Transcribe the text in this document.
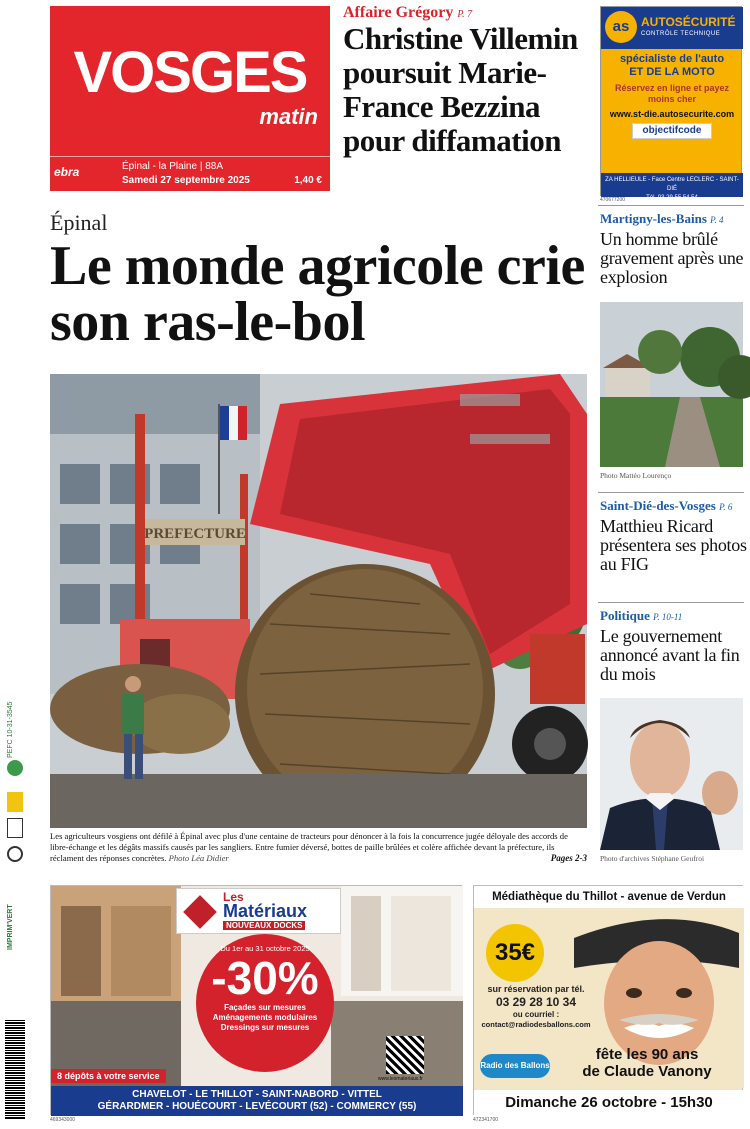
VOSGES
matin
ebra	Épinal - la Plaine | 88A
Samedi 27 septembre 2025	1,40 €
Affaire Grégory P. 7
Christine Villemin poursuit Marie-France Bezzina pour diffamation
as AUTOSÉCURITÉ
CONTRÔLE TECHNIQUE
spécialiste de l'auto
ET DE LA MOTO
Réservez en ligne et payez moins cher
www.st-die.autosecurite.com
objectifcode
ZA HELLIEULE - Face Centre LECLERC - SAINT-DIÉ
Tél. 03 29 55 54 54
470677200
Épinal
Le monde agricole crie son ras-le-bol
PREFECTURE
Les agriculteurs vosgiens ont défilé à Épinal avec plus d'une centaine de tracteurs pour dénoncer à la fois la concurrence jugée déloyale des accords de libre-échange et les dégâts massifs causés par les sangliers. Entre fumier déversé, bottes de paille brûlées et colère affichée devant la préfecture, ils réclament des réponses concrètes. Photo Léa Didier	Pages 2-3
Martigny-les-Bains P. 4
Un homme brûlé gravement après une explosion
Photo Mattéo Lourenço
Saint-Dié-des-Vosges P. 6
Matthieu Ricard présentera ses photos au FIG
Politique P. 10-11
Le gouvernement annoncé avant la fin du mois
Photo d'archives Stéphane Geufroi
PEFC 10-31-3545
IMPRIM'VERT
Les
Matériaux
NOUVEAUX DOCKS
Du 1er au 31 octobre 2025
-30%
Façades sur mesures
Aménagements modulaires
Dressings sur mesures
www.lesmateriaux.fr
8 dépôts à votre service
CHAVELOT - LE THILLOT - SAINT-NABORD - VITTEL
GÉRARDMER - HOUÉCOURT - LEVÉCOURT (52) - COMMERCY (55)
469343000
Médiathèque du Thillot - avenue de Verdun
35€
sur réservation par tél.
03 29 28 10 34
ou courriel :
contact@radiodesballons.com
Radio des Ballons
fête les 90 ans
de Claude Vanony
Dimanche 26 octobre - 15h30
472341700
